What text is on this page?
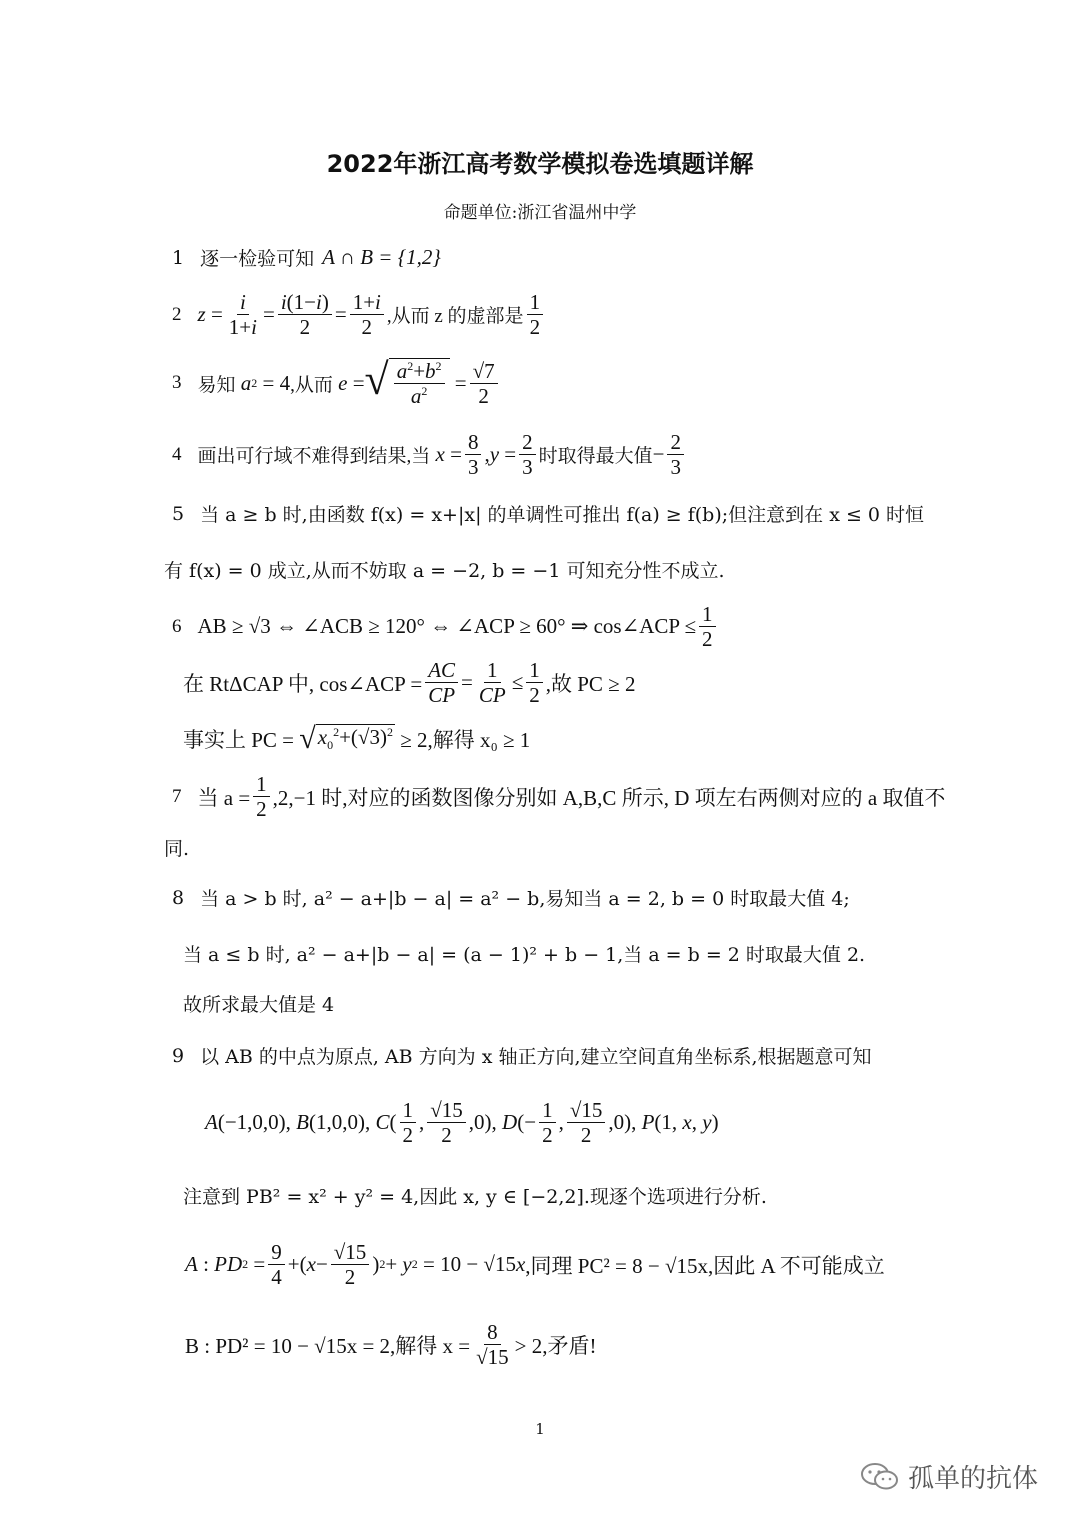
2022年浙江高考数学模拟卷选填题详解
命题单位:浙江省温州中学
1 逐一检验可知 A ∩ B = {1,2}
2 $z = \frac{i}{1+i} = \frac{i(1-i)}{2} = \frac{1+i}{2}$ ,从而 z 的虚部是 $\frac{1}{2}$
3 易知
a 2 = 4 ,从而
e = √ $\frac{a^2+b^2}{a^2} = \frac{√7}{2}$
4 画出可行域不难得到结果,当
$x = \frac{8}{3}$ , $y = \frac{2}{3}$ 时取得最大值 − $\frac{2}{3}$
5 当 a ≥ b 时,由函数 f(x) = x+|x| 的单调性可推出 f(a) ≥ f(b);但注意到在 x ≤ 0 时恒
有 f(x) = 0 成立,从而不妨取 a = −2, b = −1 可知充分性不成立.
6 AB ≥ √3 ⇔ ∠ACB ≥ 120° ⇔ ∠ACP ≥ 60° ⇒ cos∠ACP ≤ $\frac{1}{2}$
在 RtΔCAP 中, cos∠ACP = $\frac{AC}{CP} = \frac{1}{CP} \le \frac{1}{2}$ ,故 PC ≥ 2
事实上 PC =
√ $x_0^2+(√3)^2$
≥ 2,解得 x₀ ≥ 1
7 当 $a = \frac{1}{2} ,2,-1$ 时,对应的函数图像分别如 A,B,C 所示, D 项左右两侧对应的 a 取值不
同.
8 当 a > b 时, a² − a+|b − a| = a² − b,易知当 a = 2, b = 0 时取最大值 4;
当 a ≤ b 时, a² − a+|b − a| = (a − 1)² + b − 1,当 a = b = 2 时取最大值 2.
故所求最大值是 4
9 以 AB 的中点为原点, AB 方向为 x 轴正方向,建立空间直角坐标系,根据题意可知
A (−1,0,0), B (1,0,0), C ( $\frac{1}{2}$ , $\frac{√15}{2} ,0$), D (− $\frac{1}{2}$ , $\frac{√15}{2} ,0$), P (1, x , y )
注意到 PB² = x² + y² = 4,因此 x, y ∈ [−2,2].现逐个选项进行分析.
A : PD $2 = \frac{9}{4}$ +( $x - \frac{√15}{2}$ ) 2 + y 2 = 10 − √15 x ,同理 PC² = 8 − √15x,因此 A 不可能成立
B : PD² = 10 − √15x = 2,解得 $x = \frac{8}{√15} > 2$,矛盾!
1
孤单的抗体
